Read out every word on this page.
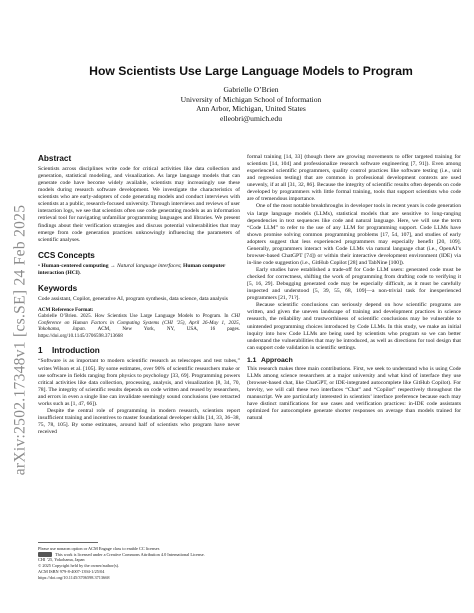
arXiv:2502.17348v1 [cs.SE] 24 Feb 2025
How Scientists Use Large Language Models to Program
Gabrielle O’Brien
University of Michigan School of Information
Ann Arbor, Michigan, United States
elleobri@umich.edu
Abstract

Scientists across disciplines write code for critical activities like data collection and generation, statistical modeling, and visualization. As large language models that can generate code have become widely available, scientists may increasingly use these models during research software development. We investigate the characteristics of scientists who are early-adopters of code generating models and conduct interviews with scientists at a public, research-focused university. Through interviews and reviews of user interaction logs, we see that scientists often use code generating models as an information retrieval tool for navigating unfamiliar programming languages and libraries. We present findings about their verification strategies and discuss potential vulnerabilities that may emerge from code generation practices unknowingly influencing the parameters of scientific analyses.

CCS Concepts

• Human-centered computing → Natural language interfaces; Human computer interaction (HCI).

Keywords

Code assistant, Copilot, generative AI, program synthesis, data science, data analysis

ACM Reference Format:
Gabrielle O’Brien. 2025. How Scientists Use Large Language Models to Program. In CHI Conference on Human Factors in Computing Systems (CHI ’25), April 26-May 1, 2025, Yokohama, Japan. ACM, New York, NY, USA, 16 pages. https://doi.org/10.1145/3706598.3713668
1 Introduction

“Software is as important to modern scientific research as telescopes and test tubes,” writes Wilson et al. [105]. By some estimates, over 90% of scientific researchers make or use software in fields ranging from physics to psychology [33, 69]. Programming powers critical activities like data collection, processing, analysis, and visualization [8, 34, 70, 78]. The integrity of scientific results depends on code written and reused by researchers, and errors in even a single line can invalidate seemingly sound conclusions (see retracted works such as [1, 47, 66]).

Despite the central role of programming in modern research, scientists report insufficient training and incentives to master foundational developer skills [14, 33, 36–38, 75, 78, 105]. By some estimates, around half of scientists who program have never received

formal training [14, 33] (though there are growing movements to offer targeted training for scientists [14, 104] and professionalize research software engineering [7, 91]). Even among experienced scientific programmers, quality control practices like software testing (i.e., unit and regression testing) that are common in professional development contexts are used unevenly, if at all [31, 32, 86]. Because the integrity of scientific results often depends on code developed by programmers with little formal training, tools that support scientists who code are of tremendous importance.

One of the most notable breakthroughs in developer tools in recent years is code generation via large language models (LLMs), statistical models that are sensitive to long-ranging dependencies in text sequences like code and natural language. Here, we will use the term “Code LLM” to refer to the use of any LLM for programming support. Code LLMs have shown promise solving common programming problems [17, 54, 107], and studies of early adopters suggest that less experienced programmers may especially benefit [20, 109]. Generally, programmers interact with Code LLMs via natural language chat (i.e., OpenAI’s browser-based ChatGPT [74]) or within their interactive development environment (IDE) via in-line code suggestion (i.e., GitHub Copilot [28] and TabNine [100]).

Early studies have established a trade-off for Code LLM users: generated code must be checked for correctness, shifting the work of programming from drafting code to verifying it [5, 16, 29]. Debugging generated code may be especially difficult, as it must be carefully inspected and understood [5, 39, 55, 68, 109]—a non-trivial task for inexperienced programmers [21, 71?].

Because scientific conclusions can seriously depend on how scientific programs are written, and given the uneven landscape of training and development practices in science research, the reliability and trustworthiness of scientific conclusions may be vulnerable to unintended programming choices introduced by Code LLMs. In this study, we make an initial inquiry into how Code LLMs are being used by scientists who program so we can better understand the vulnerabilities that may be introduced, as well as directions for tool design that can support code validation in scientific settings.

1.1 Approach

This research makes three main contributions. First, we seek to understand who is using Code LLMs among science researchers at a major university and what kind of interface they use (browser-based chat, like ChatGPT, or IDE-integrated autocomplete like GitHub Copilot). For brevity, we will call these two interfaces “Chat” and “Copilot” respectively throughout the manuscript. We are particularly interested in scientists’ interface preference because each may have distinct ramifications for use cases and verification practices: in-IDE code assistants optimized for autocomplete generate shorter responses on average than models trained for natural

Please use nonacm option or ACM Engage class to enable CC licenses
This work is licensed under a Creative Commons Attribution 4.0 International License.
CHI ’25, Yokohama, Japan
© 2025 Copyright held by the owner/author(s).
ACM ISBN 979-8-4007-1394-1/25/04
https://doi.org/10.1145/3706598.3713668
